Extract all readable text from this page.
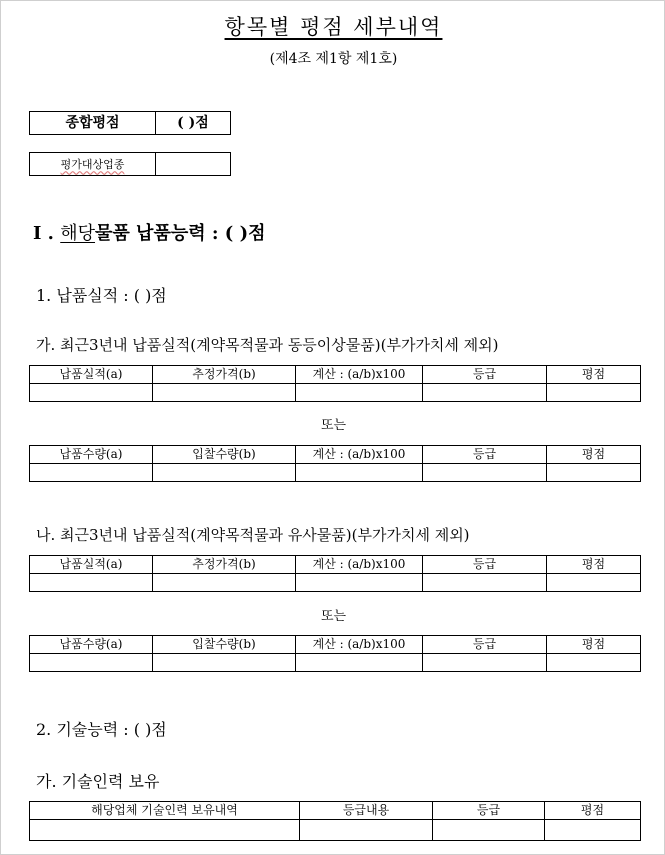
항목별 평점 세부내역
(제4조 제1항 제1호)
종합평점	( )점
평가대상업종	
I . 해당물품 납품능력 : ( )점
1. 납품실적 : ( )점
가. 최근3년내 납품실적(계약목적물과 동등이상물품)(부가가치세 제외)
납품실적(a)	추정가격(b)	계산 : (a/b)x100	등급	평점

또는
납품수량(a)	입찰수량(b)	계산 : (a/b)x100	등급	평점

나. 최근3년내 납품실적(계약목적물과 유사물품)(부가가치세 제외)
납품실적(a)	추정가격(b)	계산 : (a/b)x100	등급	평점

또는
납품수량(a)	입찰수량(b)	계산 : (a/b)x100	등급	평점

2. 기술능력 : ( )점
가. 기술인력 보유
해당업체 기술인력 보유내역	등급내용	등급	평점
